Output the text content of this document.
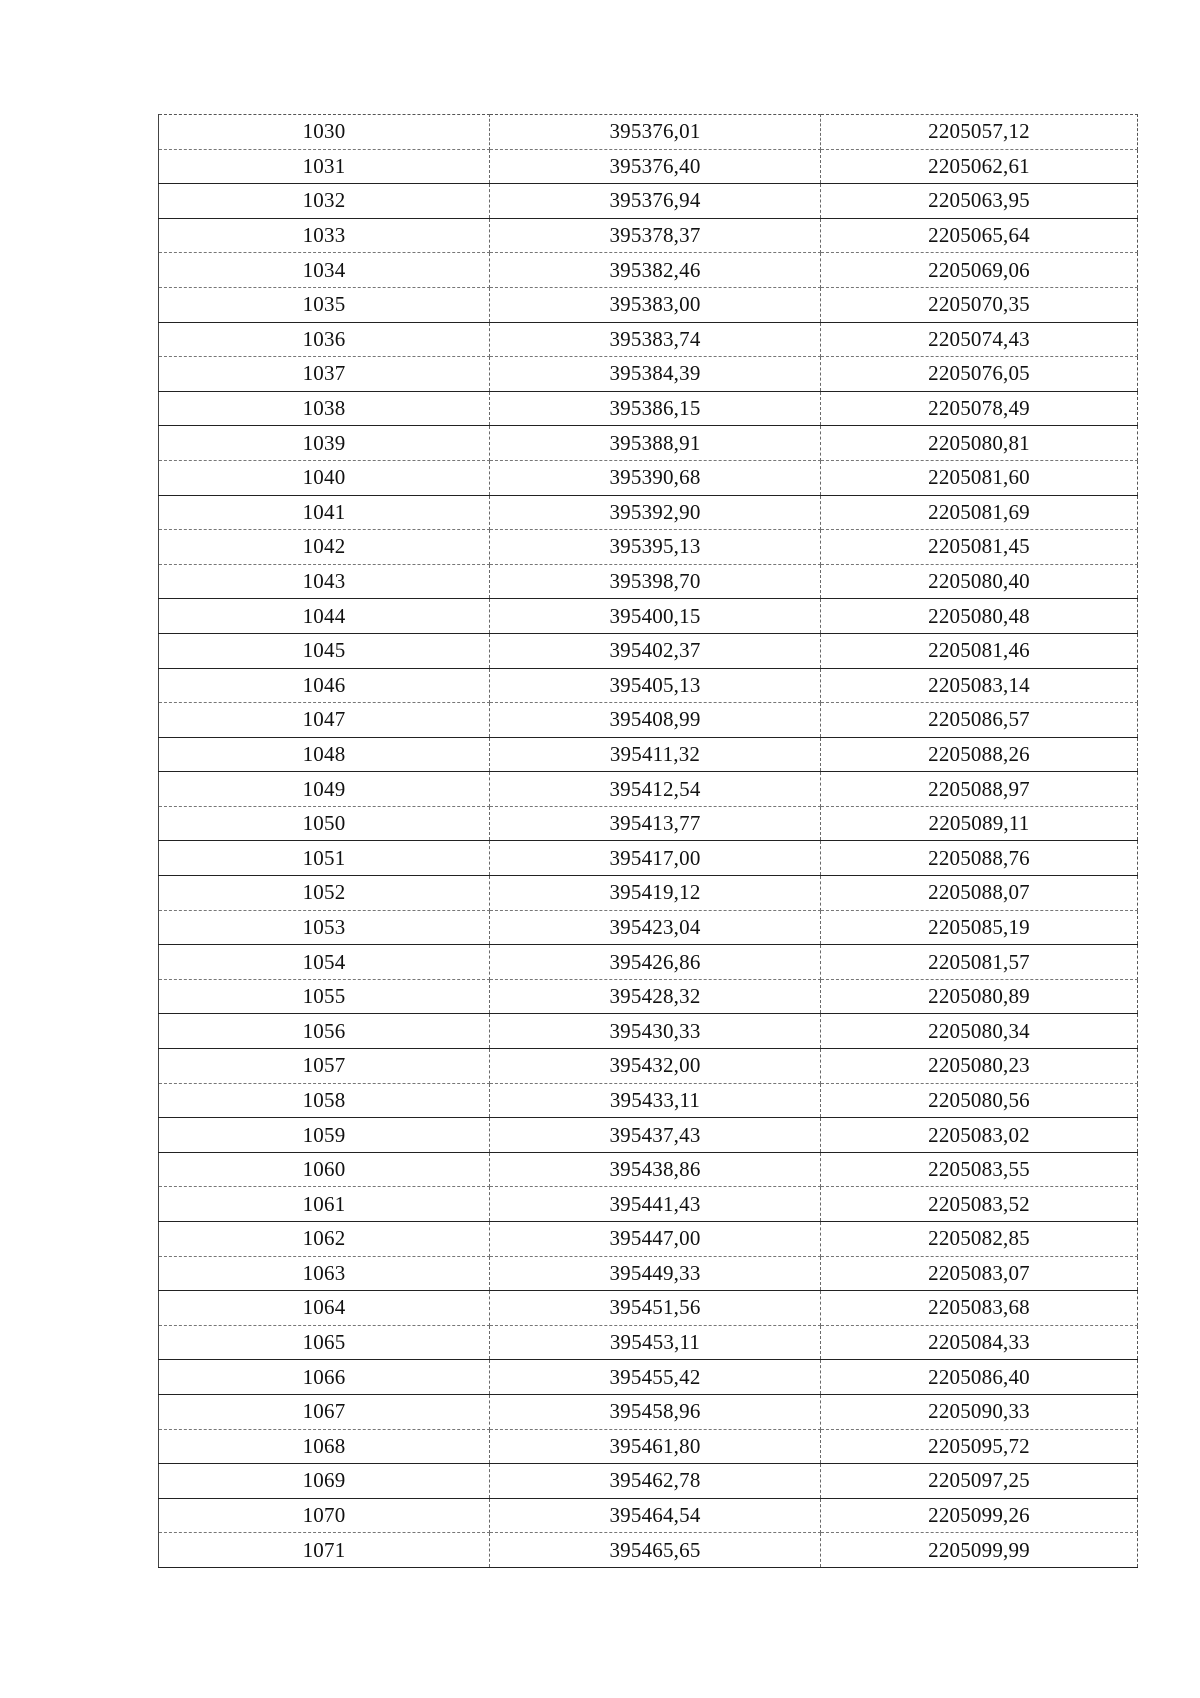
1030	395376,01	2205057,12
1031	395376,40	2205062,61
1032	395376,94	2205063,95
1033	395378,37	2205065,64
1034	395382,46	2205069,06
1035	395383,00	2205070,35
1036	395383,74	2205074,43
1037	395384,39	2205076,05
1038	395386,15	2205078,49
1039	395388,91	2205080,81
1040	395390,68	2205081,60
1041	395392,90	2205081,69
1042	395395,13	2205081,45
1043	395398,70	2205080,40
1044	395400,15	2205080,48
1045	395402,37	2205081,46
1046	395405,13	2205083,14
1047	395408,99	2205086,57
1048	395411,32	2205088,26
1049	395412,54	2205088,97
1050	395413,77	2205089,11
1051	395417,00	2205088,76
1052	395419,12	2205088,07
1053	395423,04	2205085,19
1054	395426,86	2205081,57
1055	395428,32	2205080,89
1056	395430,33	2205080,34
1057	395432,00	2205080,23
1058	395433,11	2205080,56
1059	395437,43	2205083,02
1060	395438,86	2205083,55
1061	395441,43	2205083,52
1062	395447,00	2205082,85
1063	395449,33	2205083,07
1064	395451,56	2205083,68
1065	395453,11	2205084,33
1066	395455,42	2205086,40
1067	395458,96	2205090,33
1068	395461,80	2205095,72
1069	395462,78	2205097,25
1070	395464,54	2205099,26
1071	395465,65	2205099,99
